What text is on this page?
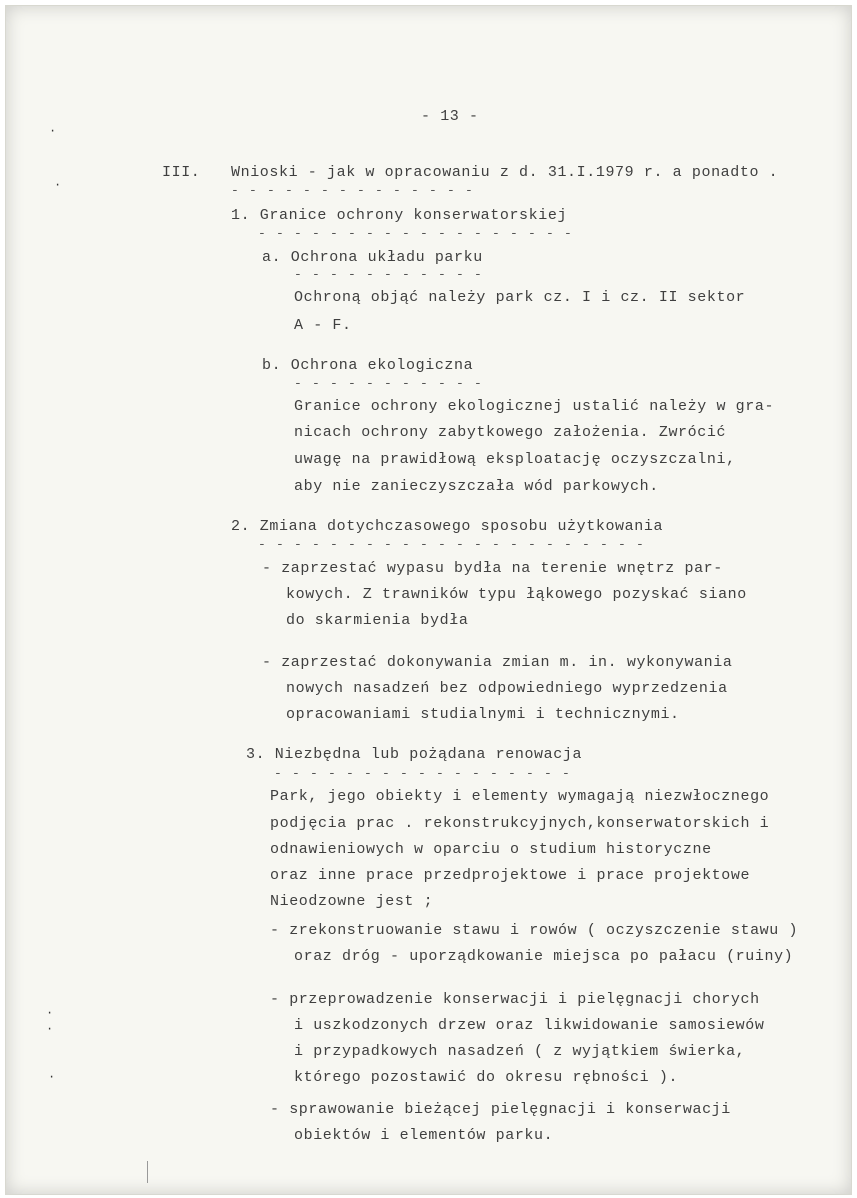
- 13 -
III. Wnioski - jak w opracowaniu z d. 31.I.1979 r. a ponadto .
- - - - - - - - - - - - - -
1. Granice ochrony konserwatorskiej
- - - - - - - - - - - - - - - - - -
a. Ochrona układu parku
- - - - - - - - - - -
Ochroną objąć należy park cz. I i cz. II sektor
A - F.
b. Ochrona ekologiczna
- - - - - - - - - - -
Granice ochrony ekologicznej ustalić należy w gra-
nicach ochrony zabytkowego założenia. Zwrócić
uwagę na prawidłową eksploatację oczyszczalni,
aby nie zanieczyszczała wód parkowych.
2. Zmiana dotychczasowego sposobu użytkowania
- - - - - - - - - - - - - - - - - - - - - -
- zaprzestać wypasu bydła na terenie wnętrz par-
kowych. Z trawników typu łąkowego pozyskać siano
do skarmienia bydła
- zaprzestać dokonywania zmian m. in. wykonywania
nowych nasadzeń bez odpowiedniego wyprzedzenia
opracowaniami studialnymi i technicznymi.
3. Niezbędna lub pożądana renowacja
- - - - - - - - - - - - - - - - -
Park, jego obiekty i elementy wymagają niezwłocznego
podjęcia prac . rekonstrukcyjnych,konserwatorskich i
odnawieniowych w oparciu o studium historyczne
oraz inne prace przedprojektowe i prace projektowe
Nieodzowne jest ;
- zrekonstruowanie stawu i rowów ( oczyszczenie stawu )
oraz dróg - uporządkowanie miejsca po pałacu (ruiny)
- przeprowadzenie konserwacji i pielęgnacji chorych
i uszkodzonych drzew oraz likwidowanie samosiewów
i przypadkowych nasadzeń ( z wyjątkiem świerka,
którego pozostawić do okresu rębności ).
- sprawowanie bieżącej pielęgnacji i konserwacji
obiektów i elementów parku.
·
·
·
·
·
